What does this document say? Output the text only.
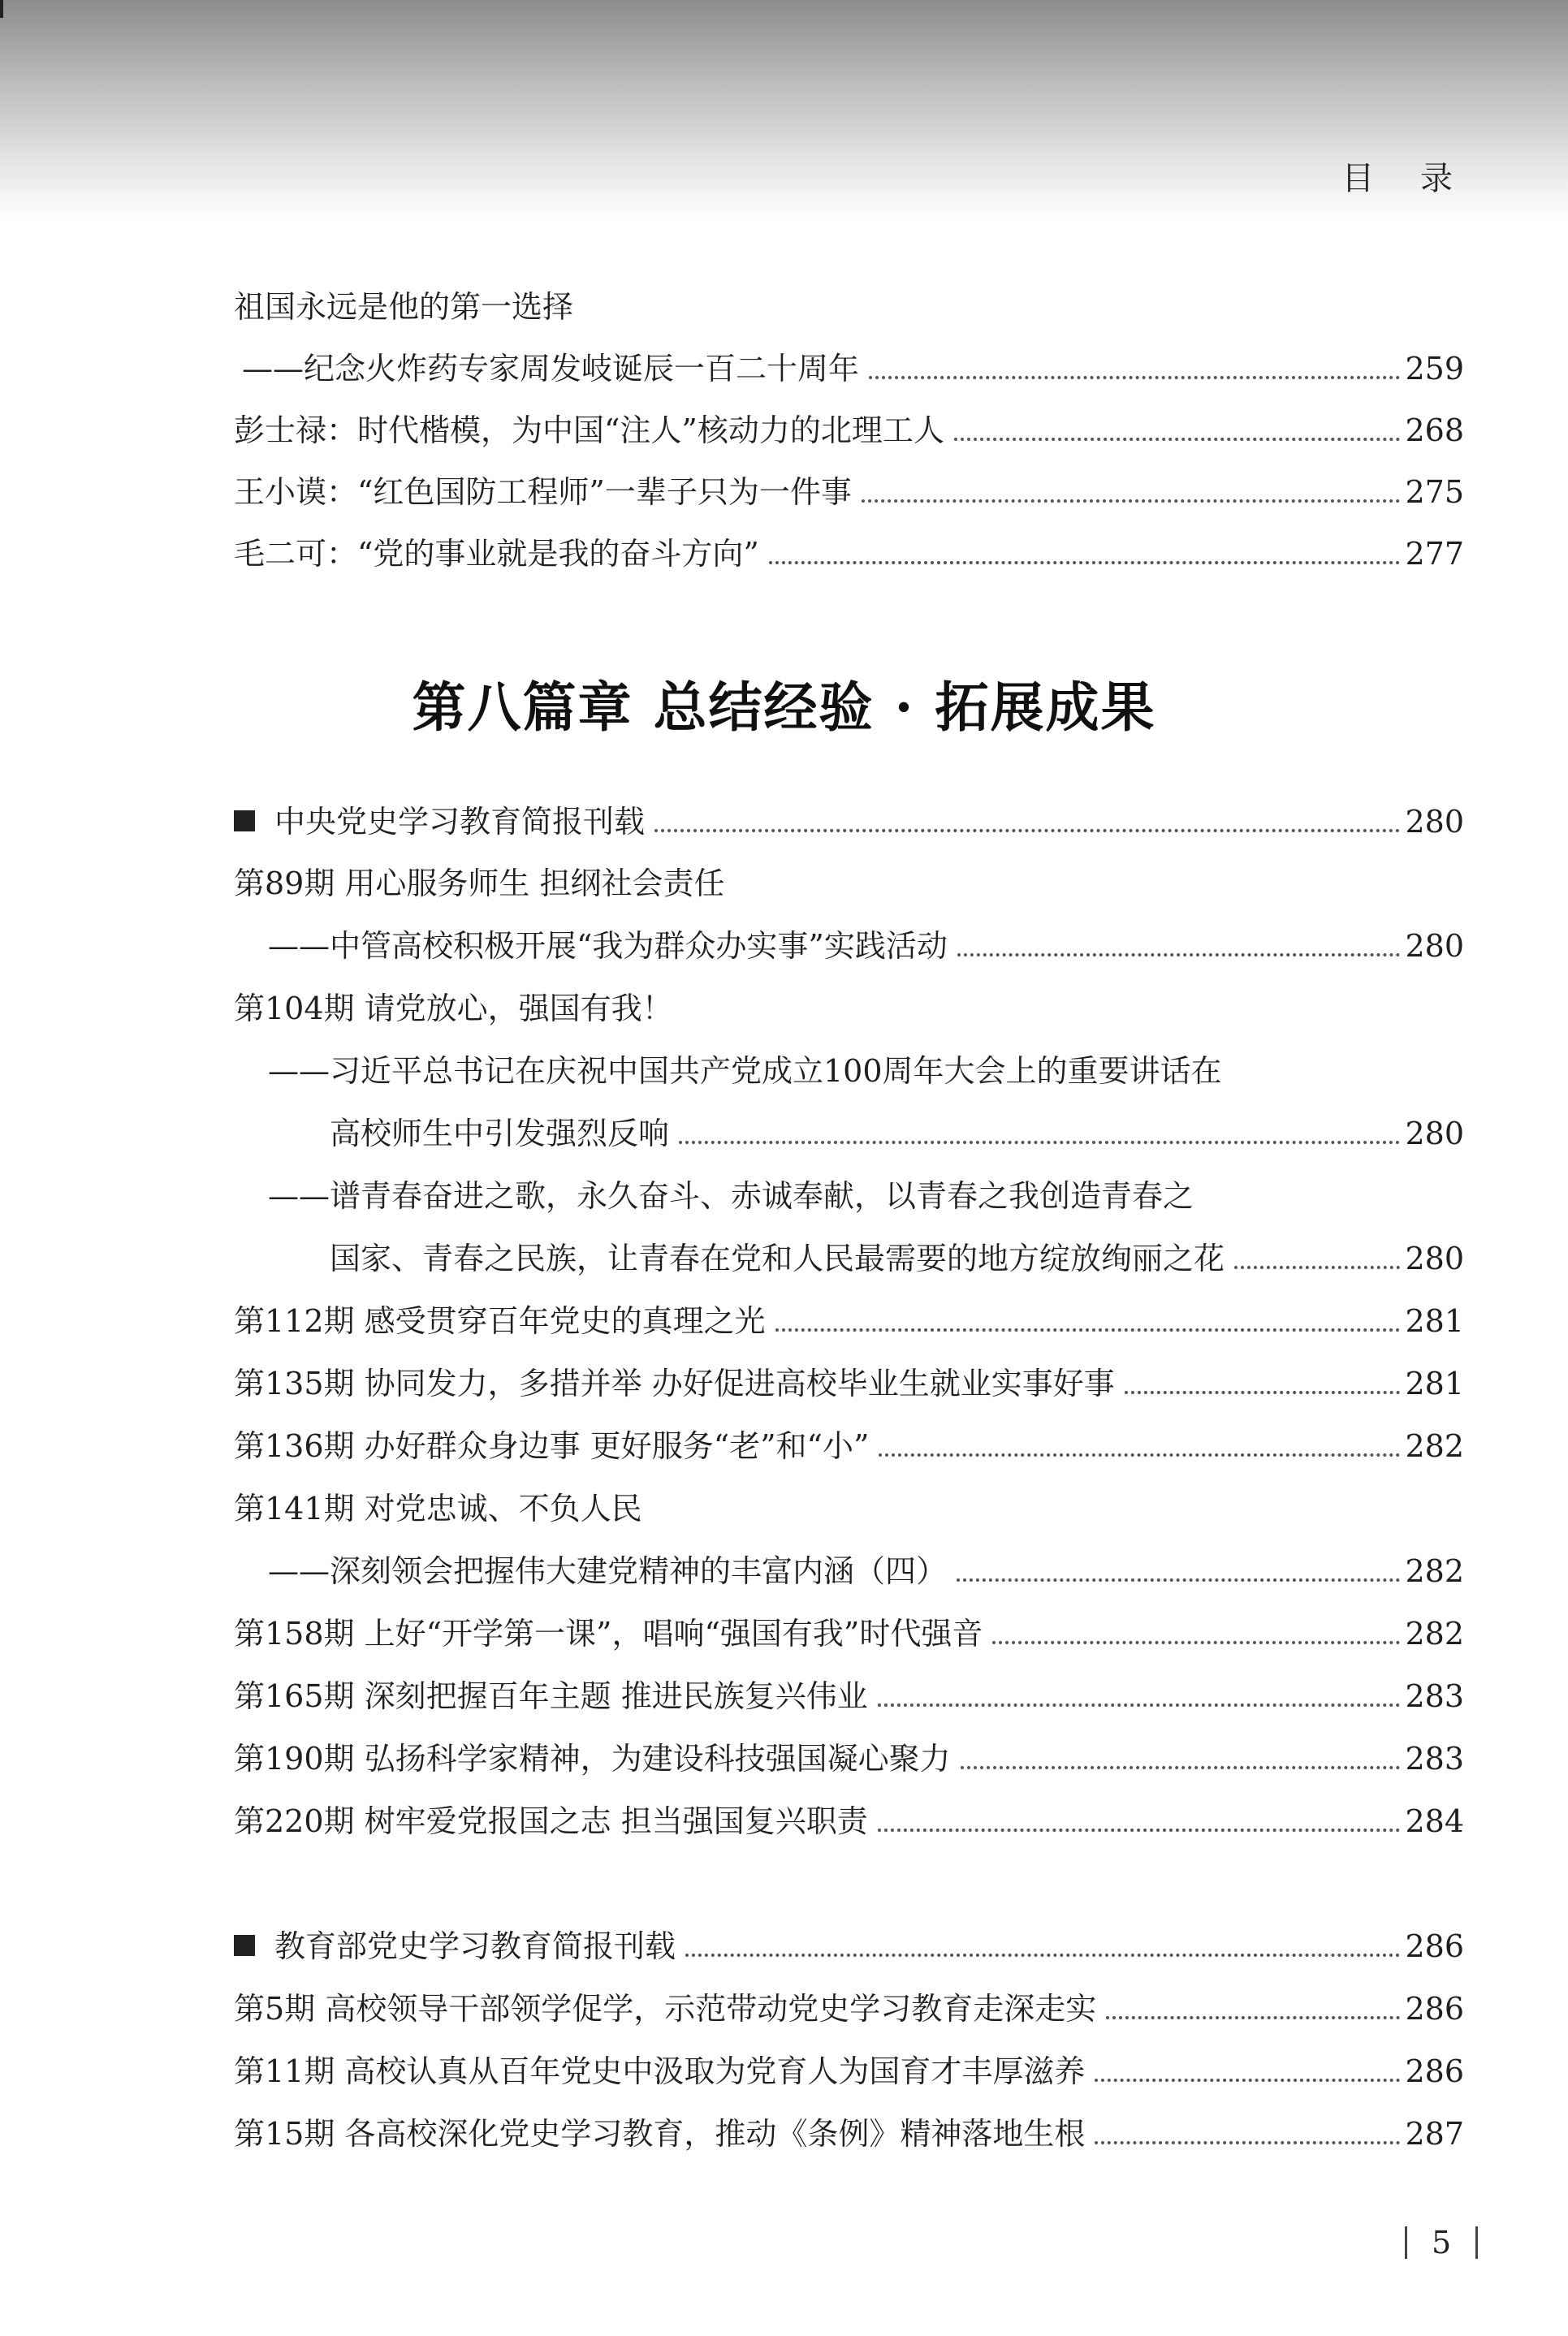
目 录
祖国永远是他的第一选择
——纪念火炸药专家周发岐诞辰一百二十周年	259
彭士禄：时代楷模，为中国“注人”核动力的北理工人	268
王小谟：“红色国防工程师”一辈子只为一件事	275
毛二可：“党的事业就是我的奋斗方向”	277
第八篇章 总结经验 · 拓展成果
中央党史学习教育简报刊载	280
第89期 用心服务师生 担纲社会责任
——中管高校积极开展“我为群众办实事”实践活动	280
第104期 请党放心，强国有我！
——习近平总书记在庆祝中国共产党成立100周年大会上的重要讲话在
高校师生中引发强烈反响	280
——谱青春奋进之歌，永久奋斗、赤诚奉献，以青春之我创造青春之
国家、青春之民族，让青春在党和人民最需要的地方绽放绚丽之花	280
第112期 感受贯穿百年党史的真理之光	281
第135期 协同发力，多措并举 办好促进高校毕业生就业实事好事	281
第136期 办好群众身边事 更好服务“老”和“小”	282
第141期 对党忠诚、不负人民
——深刻领会把握伟大建党精神的丰富内涵（四）	282
第158期 上好“开学第一课”，唱响“强国有我”时代强音	282
第165期 深刻把握百年主题 推进民族复兴伟业	283
第190期 弘扬科学家精神，为建设科技强国凝心聚力	283
第220期 树牢爱党报国之志 担当强国复兴职责	284
教育部党史学习教育简报刊载	286
第5期 高校领导干部领学促学，示范带动党史学习教育走深走实	286
第11期 高校认真从百年党史中汲取为党育人为国育才丰厚滋养	286
第15期 各高校深化党史学习教育，推动《条例》精神落地生根	287
5
